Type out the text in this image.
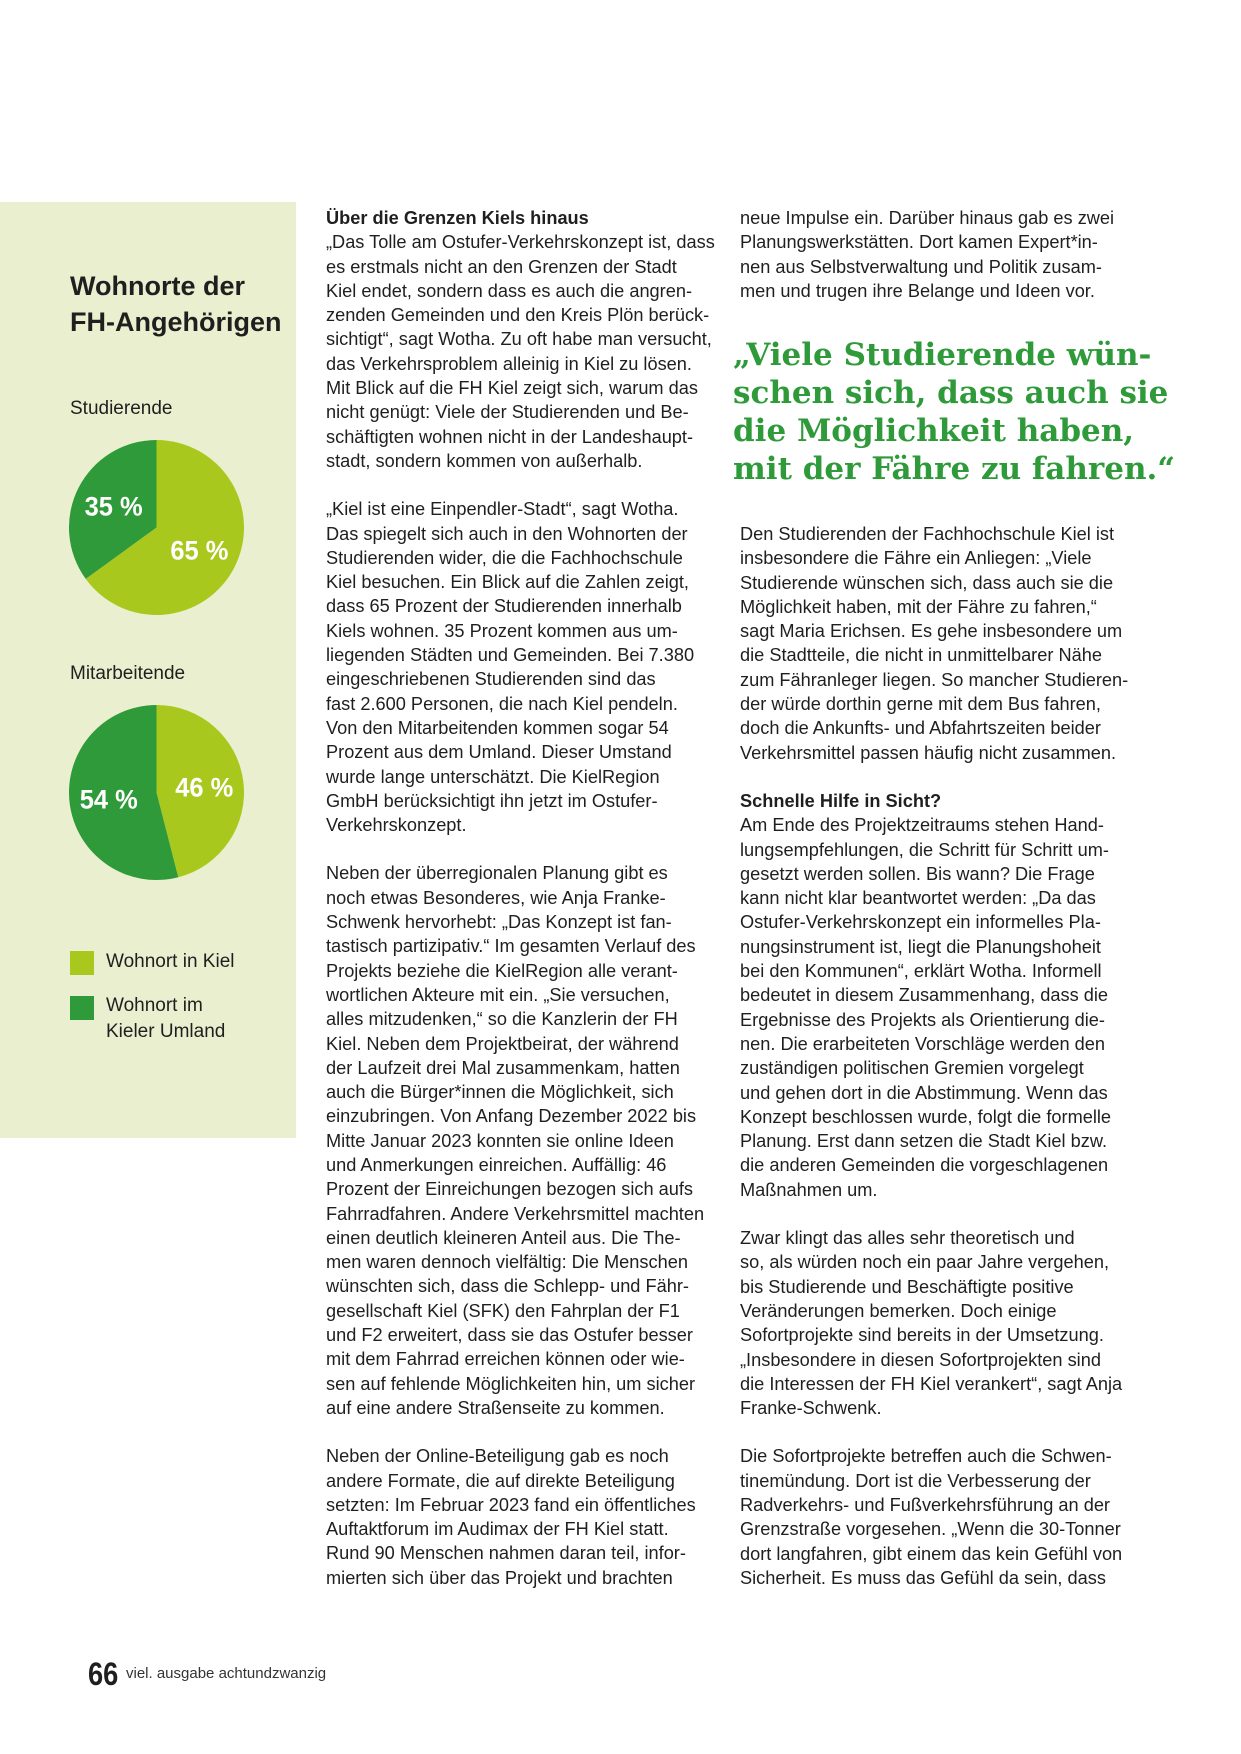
Wohnorte der
FH-Angehörigen

Studierende

65 %
35 %

Mitarbeitende

46 %
54 %
Wohnort in Kiel
Wohnort im
Kieler Umland

Über die Grenzen Kiels hinaus

„Das Tolle am Ostufer-Verkehrskonzept ist, dass

es erstmals nicht an den Grenzen der Stadt

Kiel endet, sondern dass es auch die angren-

zenden Gemeinden und den Kreis Plön berück-

sichtigt“, sagt Wotha. Zu oft habe man versucht,

das Verkehrsproblem alleinig in Kiel zu lösen.

Mit Blick auf die FH Kiel zeigt sich, warum das

nicht genügt: Viele der Studierenden und Be-

schäftigten wohnen nicht in der Landeshaupt-

stadt, sondern kommen von außerhalb.

„Kiel ist eine Einpendler-Stadt“, sagt Wotha.

Das spiegelt sich auch in den Wohnorten der

Studierenden wider, die die Fachhochschule

Kiel besuchen. Ein Blick auf die Zahlen zeigt,

dass 65 Prozent der Studierenden innerhalb

Kiels wohnen. 35 Prozent kommen aus um-

liegenden Städten und Gemeinden. Bei 7.380

eingeschriebenen Studierenden sind das

fast 2.600 Personen, die nach Kiel pendeln.

Von den Mitarbeitenden kommen sogar 54

Prozent aus dem Umland. Dieser Umstand

wurde lange unterschätzt. Die KielRegion

GmbH berücksichtigt ihn jetzt im Ostufer-

Verkehrskonzept.

Neben der überregionalen Planung gibt es

noch etwas Besonderes, wie Anja Franke-

Schwenk hervorhebt: „Das Konzept ist fan-

tastisch partizipativ.“ Im gesamten Verlauf des

Projekts beziehe die KielRegion alle verant-

wortlichen Akteure mit ein. „Sie versuchen,

alles mitzudenken,“ so die Kanzlerin der FH

Kiel. Neben dem Projektbeirat, der während

der Laufzeit drei Mal zusammenkam, hatten

auch die Bürger*innen die Möglichkeit, sich

einzubringen. Von Anfang Dezember 2022 bis

Mitte Januar 2023 konnten sie online Ideen

und Anmerkungen einreichen. Auffällig: 46

Prozent der Einreichungen bezogen sich aufs

Fahrradfahren. Andere Verkehrsmittel machten

einen deutlich kleineren Anteil aus. Die The-

men waren dennoch vielfältig: Die Menschen

wünschten sich, dass die Schlepp- und Fähr-

gesellschaft Kiel (SFK) den Fahrplan der F1

und F2 erweitert, dass sie das Ostufer besser

mit dem Fahrrad erreichen können oder wie-

sen auf fehlende Möglichkeiten hin, um sicher

auf eine andere Straßenseite zu kommen.

Neben der Online-Beteiligung gab es noch

andere Formate, die auf direkte Beteiligung

setzten: Im Februar 2023 fand ein öffentliches

Auftaktforum im Audimax der FH Kiel statt.

Rund 90 Menschen nahmen daran teil, infor-

mierten sich über das Projekt und brachten

neue Impulse ein. Darüber hinaus gab es zwei

Planungswerkstätten. Dort kamen Expert*in-

nen aus Selbstverwaltung und Politik zusam-

men und trugen ihre Belange und Ideen vor.

„Viele Studierende wün-

schen sich, dass auch sie

die Möglichkeit haben,

mit der Fähre zu fahren.“

Den Studierenden der Fachhochschule Kiel ist

insbesondere die Fähre ein Anliegen: „Viele

Studierende wünschen sich, dass auch sie die

Möglichkeit haben, mit der Fähre zu fahren,“

sagt Maria Erichsen. Es gehe insbesondere um

die Stadtteile, die nicht in unmittelbarer Nähe

zum Fähranleger liegen. So mancher Studieren-

der würde dorthin gerne mit dem Bus fahren,

doch die Ankunfts- und Abfahrtszeiten beider

Verkehrsmittel passen häufig nicht zusammen.

Schnelle Hilfe in Sicht?

Am Ende des Projektzeitraums stehen Hand-

lungsempfehlungen, die Schritt für Schritt um-

gesetzt werden sollen. Bis wann? Die Frage

kann nicht klar beantwortet werden: „Da das

Ostufer-Verkehrskonzept ein informelles Pla-

nungsinstrument ist, liegt die Planungshoheit

bei den Kommunen“, erklärt Wotha. Informell

bedeutet in diesem Zusammenhang, dass die

Ergebnisse des Projekts als Orientierung die-

nen. Die erarbeiteten Vorschläge werden den

zuständigen politischen Gremien vorgelegt

und gehen dort in die Abstimmung. Wenn das

Konzept beschlossen wurde, folgt die formelle

Planung. Erst dann setzen die Stadt Kiel bzw.

die anderen Gemeinden die vorgeschlagenen

Maßnahmen um.

Zwar klingt das alles sehr theoretisch und

so, als würden noch ein paar Jahre vergehen,

bis Studierende und Beschäftigte positive

Veränderungen bemerken. Doch einige

Sofortprojekte sind bereits in der Umsetzung.

„Insbesondere in diesen Sofortprojekten sind

die Interessen der FH Kiel verankert“, sagt Anja

Franke-Schwenk.

Die Sofortprojekte betreffen auch die Schwen-

tinemündung. Dort ist die Verbesserung der

Radverkehrs- und Fußverkehrsführung an der

Grenzstraße vorgesehen. „Wenn die 30-Tonner

dort langfahren, gibt einem das kein Gefühl von

Sicherheit. Es muss das Gefühl da sein, dass

66 viel. ausgabe achtundzwanzig
